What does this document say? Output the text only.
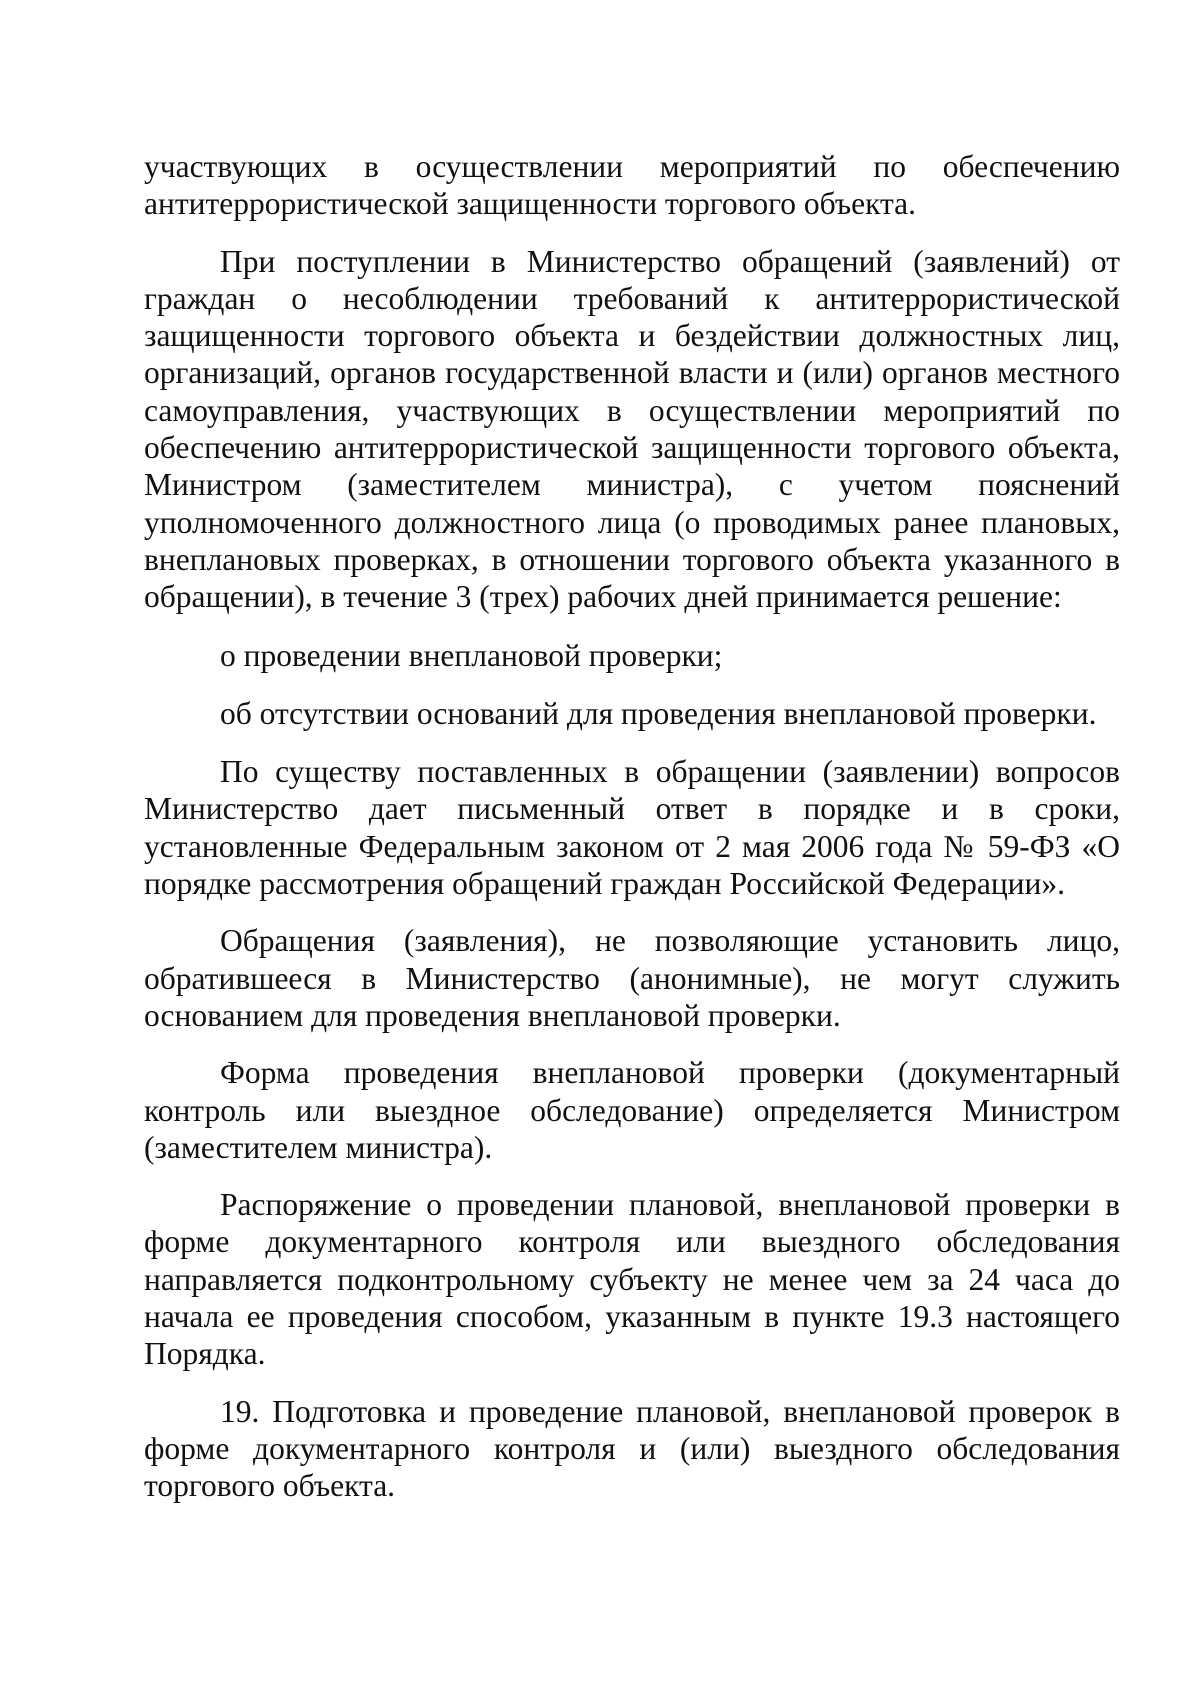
участвующих в осуществлении мероприятий по обеспечению антитеррористической защищенности торгового объекта.

При поступлении в Министерство обращений (заявлений) от граждан о несоблюдении требований к антитеррористической защищенности торгового объекта и бездействии должностных лиц, организаций, органов государственной власти и (или) органов местного самоуправления, участвующих в осуществлении мероприятий по обеспечению антитеррористической защищенности торгового объекта, Министром (заместителем министра), с учетом пояснений уполномоченного должностного лица (о проводимых ранее плановых, внеплановых проверках, в отношении торгового объекта указанного в обращении), в течение 3 (трех) рабочих дней принимается решение:

о проведении внеплановой проверки;

об отсутствии оснований для проведения внеплановой проверки.

По существу поставленных в обращении (заявлении) вопросов Министерство дает письменный ответ в порядке и в сроки, установленные Федеральным законом от 2 мая 2006 года № 59-ФЗ «О порядке рассмотрения обращений граждан Российской Федерации».

Обращения (заявления), не позволяющие установить лицо, обратившееся в Министерство (анонимные), не могут служить основанием для проведения внеплановой проверки.

Форма проведения внеплановой проверки (документарный контроль или выездное обследование) определяется Министром (заместителем министра).

Распоряжение о проведении плановой, внеплановой проверки в форме документарного контроля или выездного обследования направляется подконтрольному субъекту не менее чем за 24 часа до начала ее проведения способом, указанным в пункте 19.3 настоящего Порядка.

19. Подготовка и проведение плановой, внеплановой проверок в форме документарного контроля и (или) выездного обследования торгового объекта.
